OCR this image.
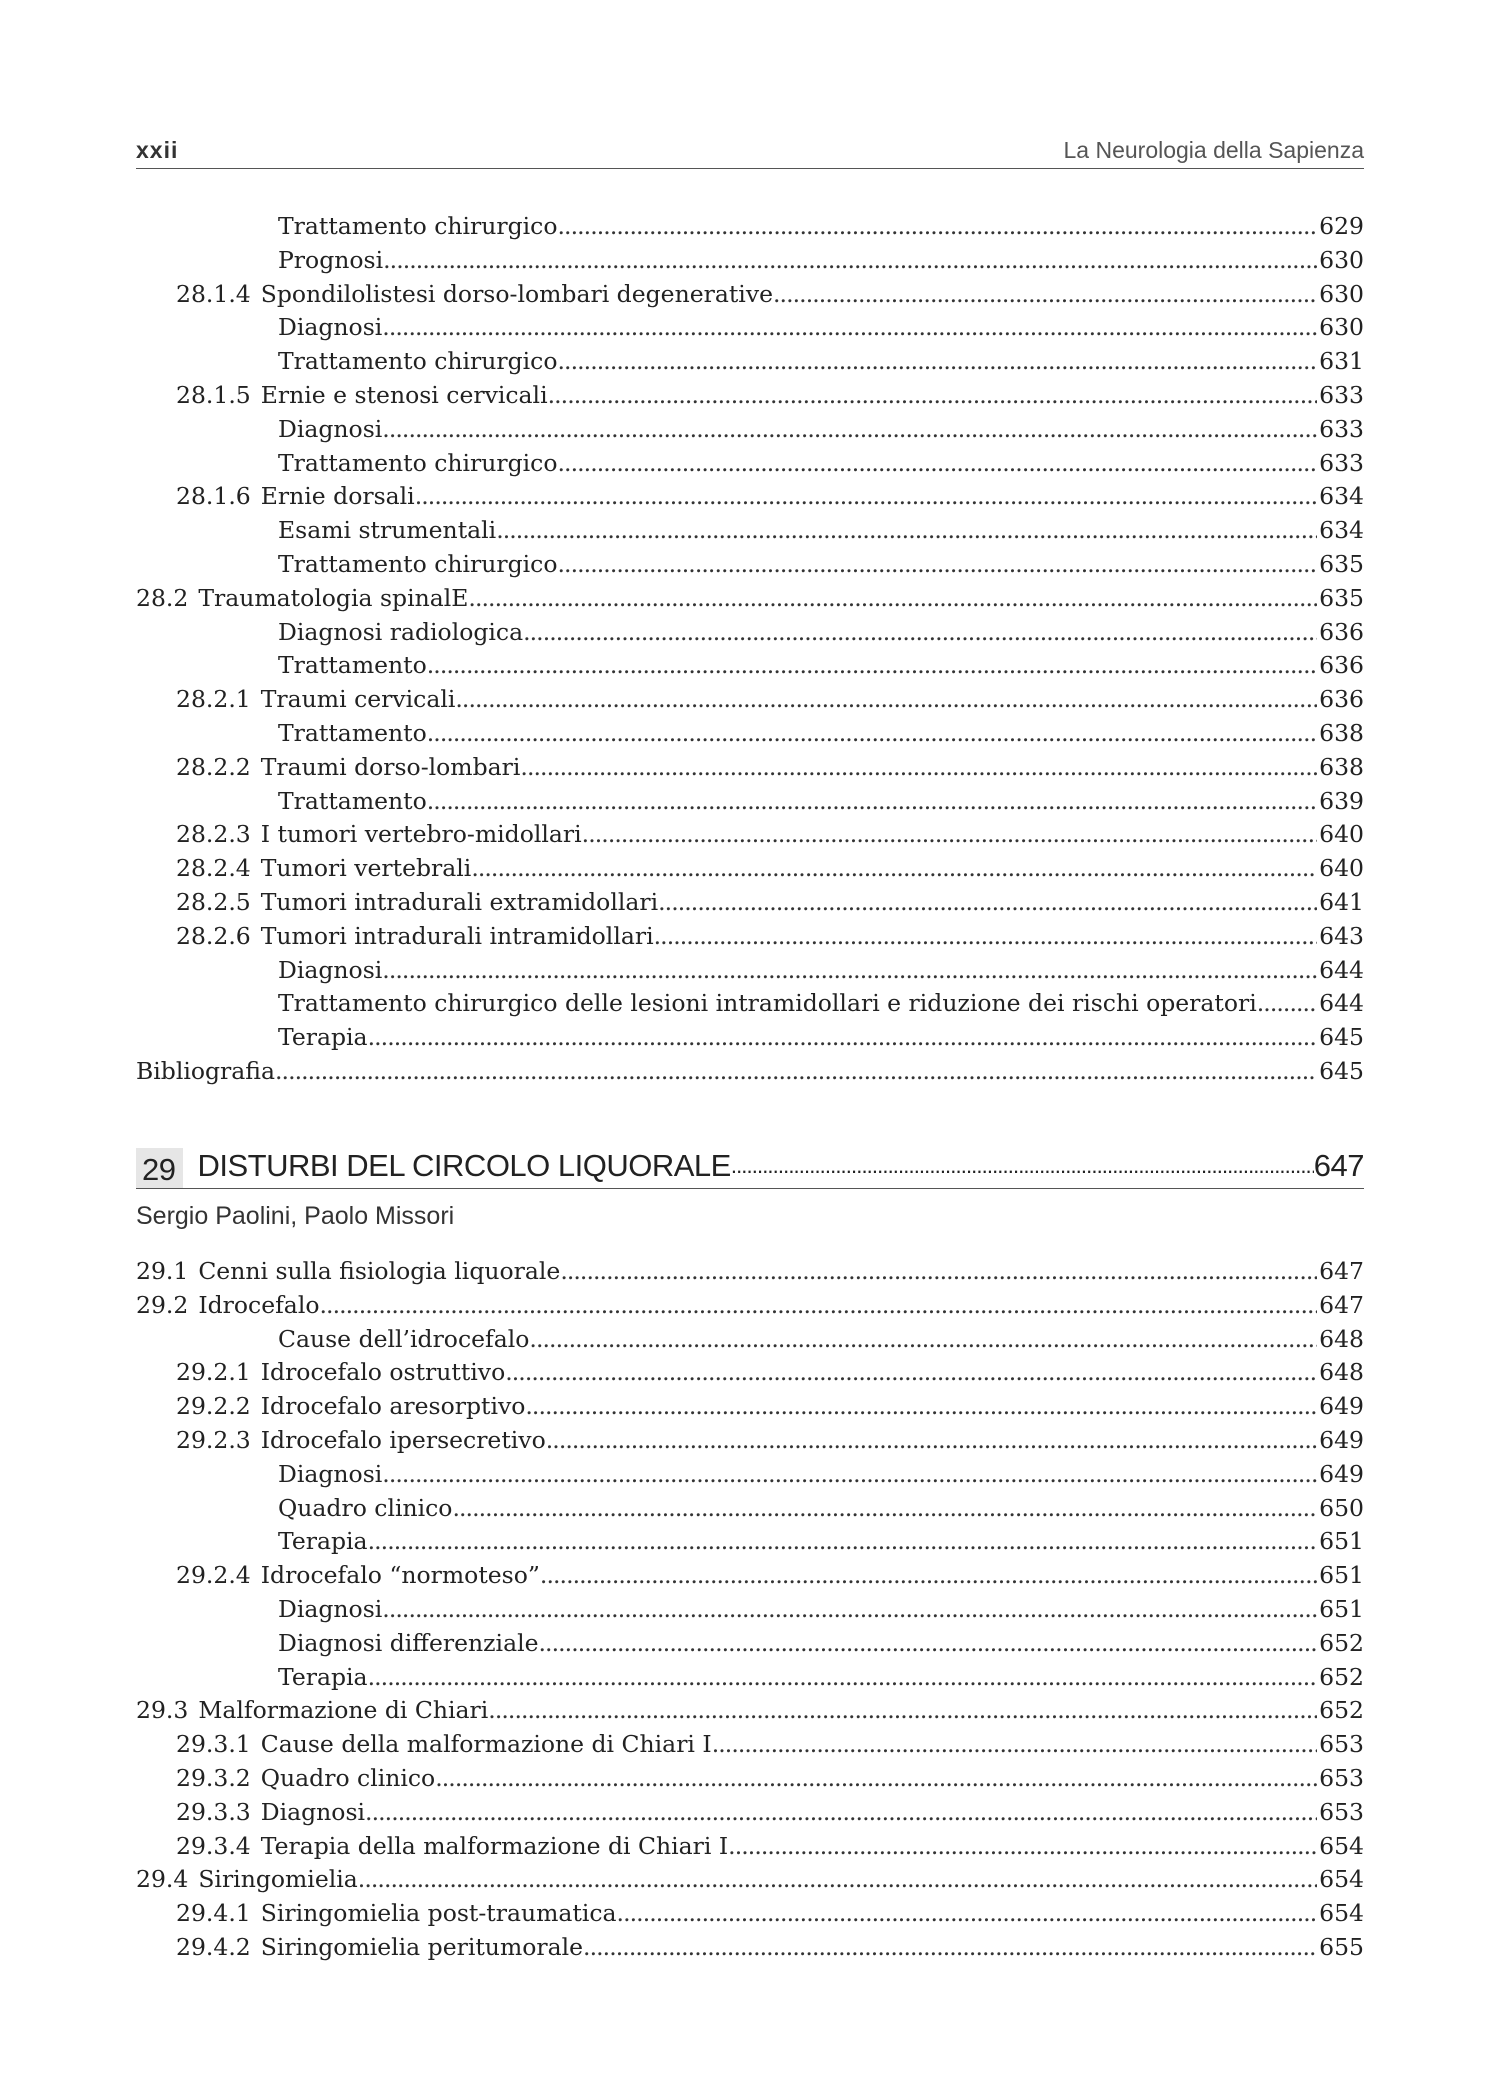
xxii	La Neurologia della Sapienza
Trattamento chirurgico . . .	629
Prognosi . . .	630
28.1.4 Spondilolistesi dorso-lombari degenerative . . .	630
Diagnosi . . .	630
Trattamento chirurgico . . .	631
28.1.5 Ernie e stenosi cervicali . . .	633
Diagnosi . . .	633
Trattamento chirurgico . . .	633
28.1.6 Ernie dorsali . . .	634
Esami strumentali . . .	634
Trattamento chirurgico . . .	635
28.2 Traumatologia spinalE . . .	635
Diagnosi radiologica . . .	636
Trattamento . . .	636
28.2.1 Traumi cervicali . . .	636
Trattamento . . .	638
28.2.2 Traumi dorso-lombari . . .	638
Trattamento . . .	639
28.2.3 I tumori vertebro-midollari . . .	640
28.2.4 Tumori vertebrali . . .	640
28.2.5 Tumori intradurali extramidollari . . .	641
28.2.6 Tumori intradurali intramidollari . . .	643
Diagnosi . . .	644
Trattamento chirurgico delle lesioni intramidollari e riduzione dei rischi operatori . . .	644
Terapia . . .	645
Bibliografia . . .	645
29 DISTURBI DEL CIRCOLO LIQUORALE . . .	647
Sergio Paolini, Paolo Missori
29.1 Cenni sulla fisiologia liquorale . . .	647
29.2 Idrocefalo . . .	647
Cause dell’idrocefalo . . .	648
29.2.1 Idrocefalo ostruttivo . . .	648
29.2.2 Idrocefalo aresorptivo . . .	649
29.2.3 Idrocefalo ipersecretivo . . .	649
Diagnosi . . .	649
Quadro clinico . . .	650
Terapia . . .	651
29.2.4 Idrocefalo “normoteso” . . .	651
Diagnosi . . .	651
Diagnosi differenziale . . .	652
Terapia . . .	652
29.3 Malformazione di Chiari . . .	652
29.3.1 Cause della malformazione di Chiari I . . .	653
29.3.2 Quadro clinico . . .	653
29.3.3 Diagnosi . . .	653
29.3.4 Terapia della malformazione di Chiari I . . .	654
29.4 Siringomielia . . .	654
29.4.1 Siringomielia post-traumatica . . .	654
29.4.2 Siringomielia peritumorale . . .	655
